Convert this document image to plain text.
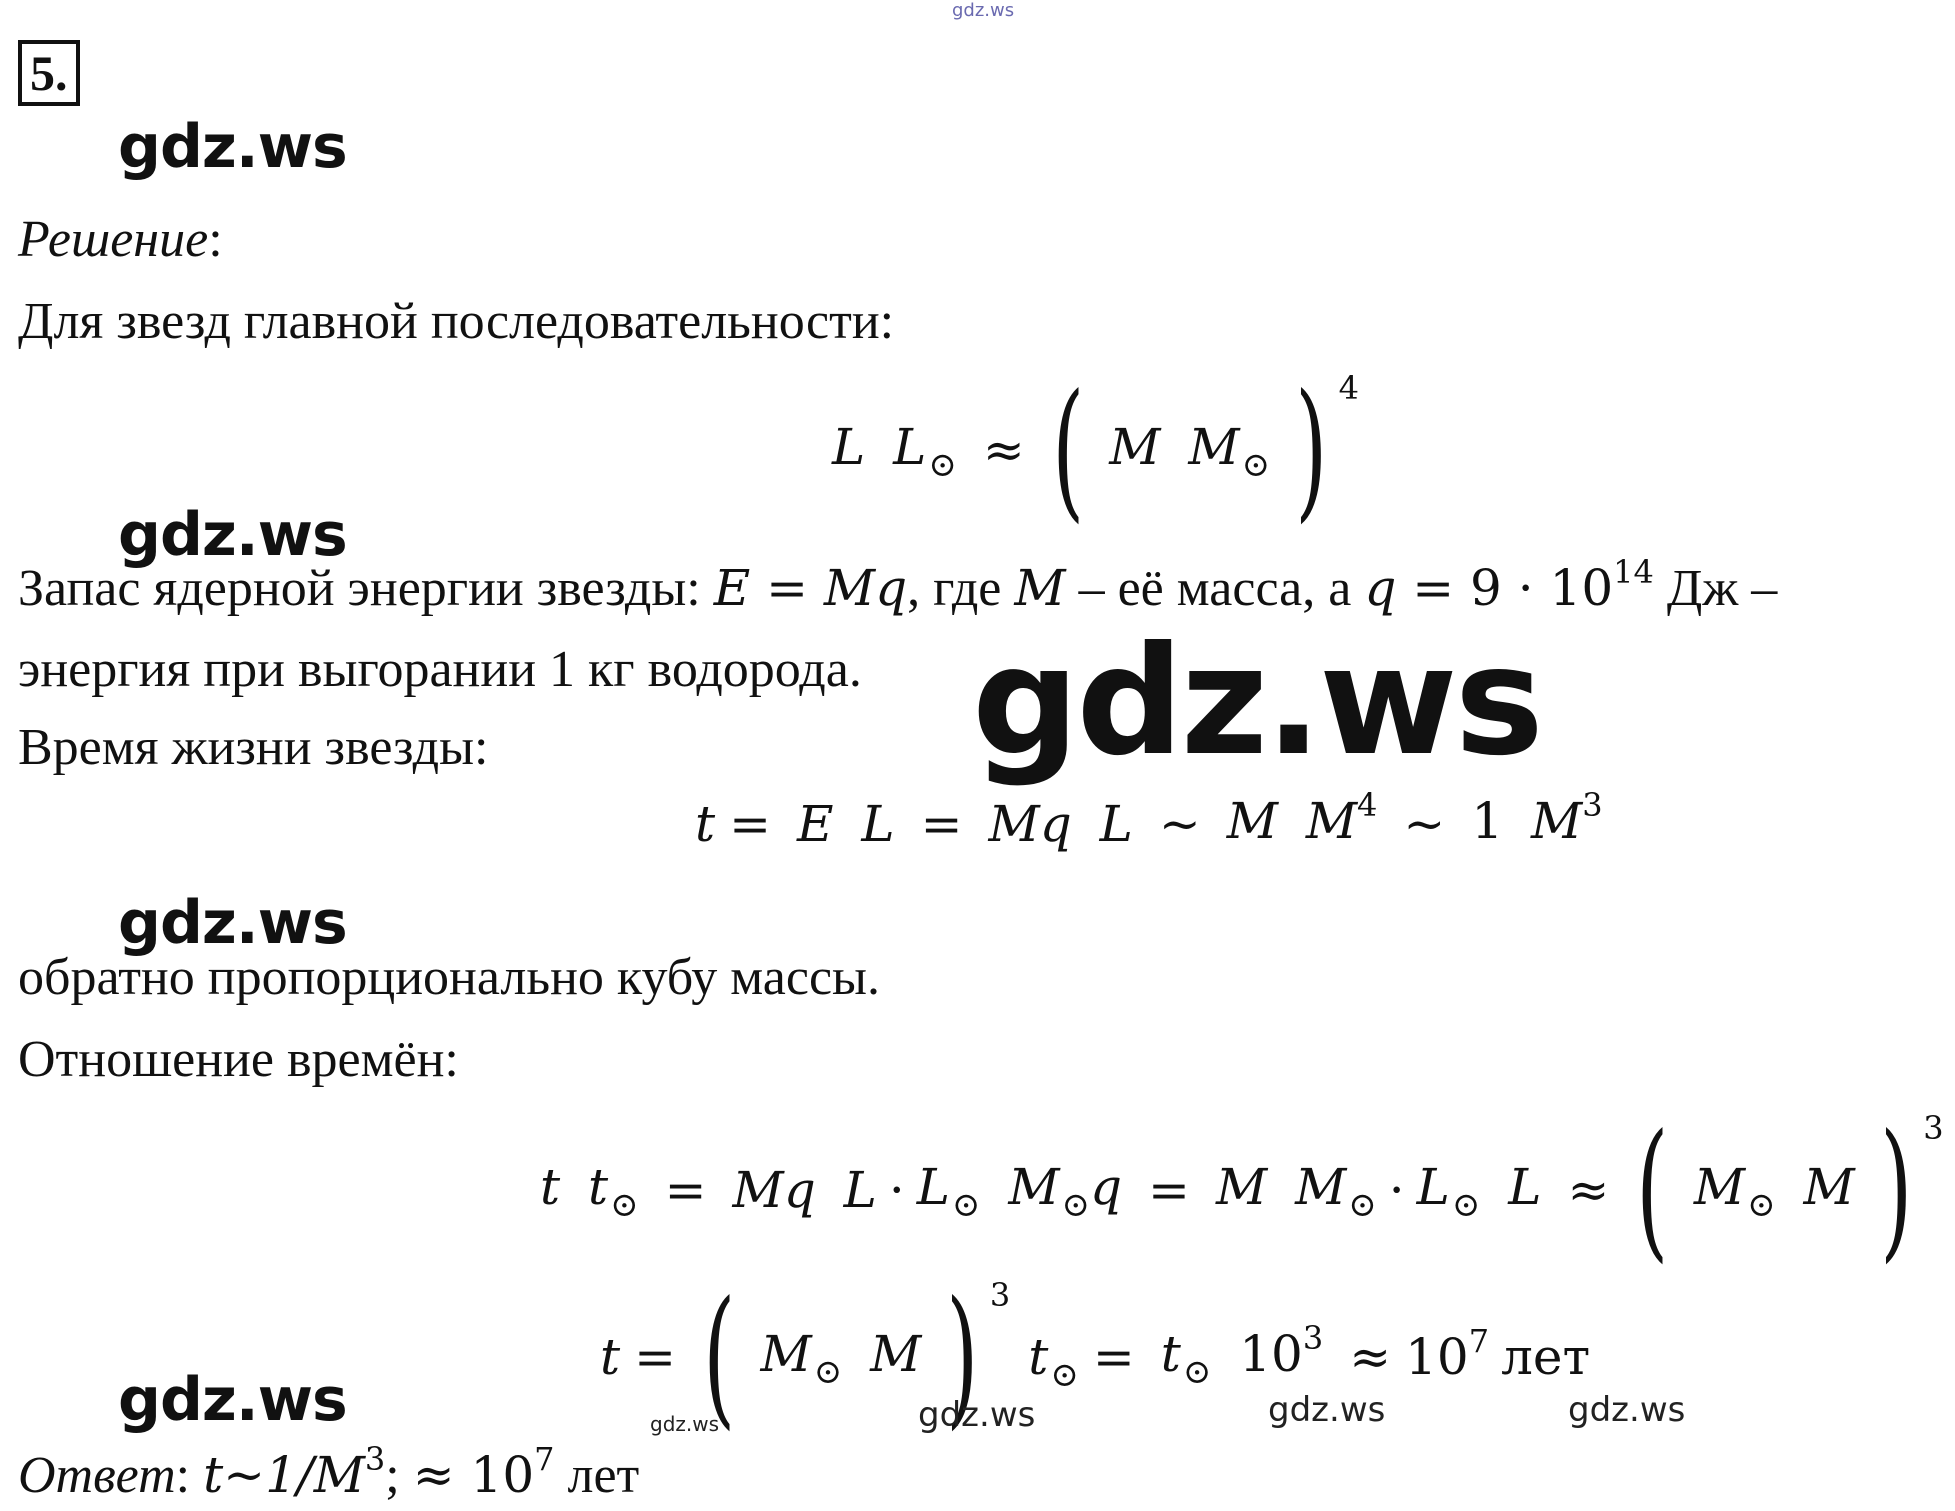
gdz.ws
5.
gdz.ws
gdz.ws
gdz.ws
gdz.ws
Решение:
Для звезд главной последовательности:
L $L_⊙$ ≈ ( M $M_⊙$ ) 4
Запас ядерной энергии звезды: E = Mq, где M – её масса, а $q = 9 \cdot 10^{14}$ Дж –
энергия при выгорании 1 кг водорода. gdz.ws
Время жизни звезды:
t = E L = Mq L ~ M $M^4$ ~ 1 $M^3$
обратно пропорционально кубу массы.
Отношение времён:
t $t_⊙ = Mq$ $L \cdot L_⊙$ $M_⊙q = M$ $M_⊙ \cdot L_⊙$ L ≈ ( $M_⊙$ M ) 3
t = ( $M_⊙$ M ) 3
$t_⊙ = t_⊙$ $10^3 \approx 10^7$ лет
gdz.ws	gdz.ws	gdz.ws	gdz.ws
Ответ: $t\sim 1/M^3$; ≈ $10^7$ лет
